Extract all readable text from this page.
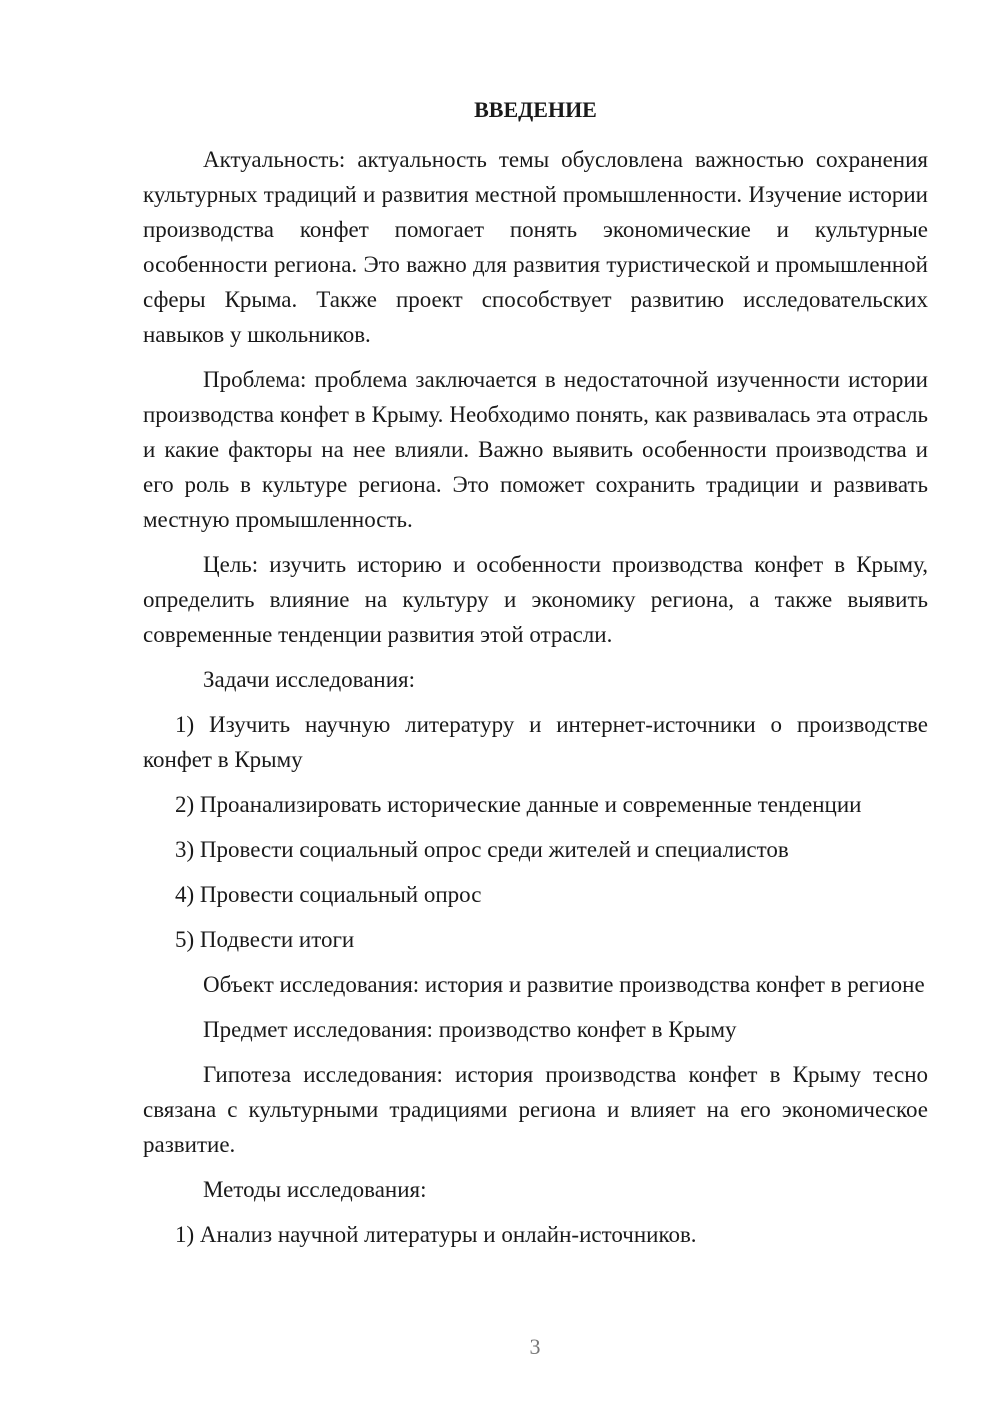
ВВЕДЕНИЕ

Актуальность: актуальность темы обусловлена важностью сохранения культурных традиций и развития местной промышленности. Изучение истории производства конфет помогает понять экономические и культурные особенности региона. Это важно для развития туристической и промышленной сферы Крыма. Также проект способствует развитию исследовательских навыков у школьников.

Проблема: проблема заключается в недостаточной изученности истории производства конфет в Крыму. Необходимо понять, как развивалась эта отрасль и какие факторы на нее влияли. Важно выявить особенности производства и его роль в культуре региона. Это поможет сохранить традиции и развивать местную промышленность.

Цель: изучить историю и особенности производства конфет в Крыму, определить влияние на культуру и экономику региона, а также выявить современные тенденции развития этой отрасли.

Задачи исследования:

1) Изучить научную литературу и интернет-источники о производстве конфет в Крыму

2) Проанализировать исторические данные и современные тенденции

3) Провести социальный опрос среди жителей и специалистов

4) Провести социальный опрос

5) Подвести итоги

Объект исследования: история и развитие производства конфет в регионе

Предмет исследования: производство конфет в Крыму

Гипотеза исследования: история производства конфет в Крыму тесно связана с культурными традициями региона и влияет на его экономическое развитие.

Методы исследования:

1) Анализ научной литературы и онлайн-источников.

3
